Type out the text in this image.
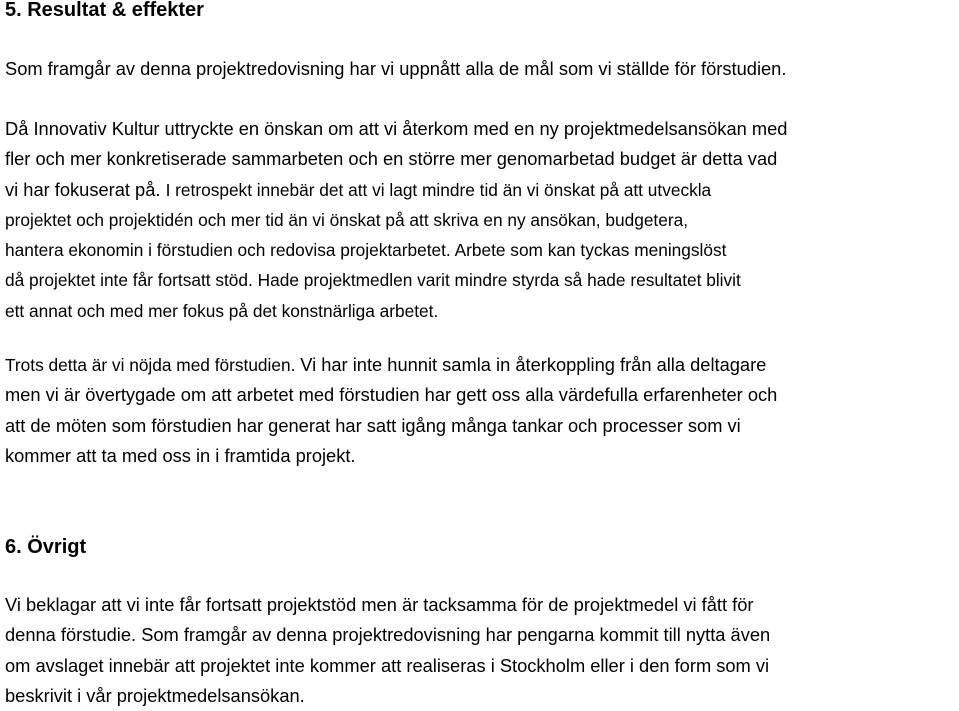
5. Resultat & effekter

Som framgår av denna projektredovisning har vi uppnått alla de mål som vi ställde för förstudien.

Då Innovativ Kultur uttryckte en önskan om att vi återkom med en ny projektmedelsansökan med
fler och mer konkretiserade sammarbeten och en större mer genomarbetad budget är detta vad
vi har fokuserat på. I retrospekt innebär det att vi lagt mindre tid än vi önskat på att utveckla
projektet och projektidén och mer tid än vi önskat på att skriva en ny ansökan, budgetera,
hantera ekonomin i förstudien och redovisa projektarbetet. Arbete som kan tyckas meningslöst
då projektet inte får fortsatt stöd. Hade projektmedlen varit mindre styrda så hade resultatet blivit
ett annat och med mer fokus på det konstnärliga arbetet.

Trots detta är vi nöjda med förstudien. Vi har inte hunnit samla in återkoppling från alla deltagare
men vi är övertygade om att arbetet med förstudien har gett oss alla värdefulla erfarenheter och
att de möten som förstudien har generat har satt igång många tankar och processer som vi
kommer att ta med oss in i framtida projekt.

6. Övrigt

Vi beklagar att vi inte får fortsatt projektstöd men är tacksamma för de projektmedel vi fått för
denna förstudie. Som framgår av denna projektredovisning har pengarna kommit till nytta även
om avslaget innebär att projektet inte kommer att realiseras i Stockholm eller i den form som vi
beskrivit i vår projektmedelsansökan.
